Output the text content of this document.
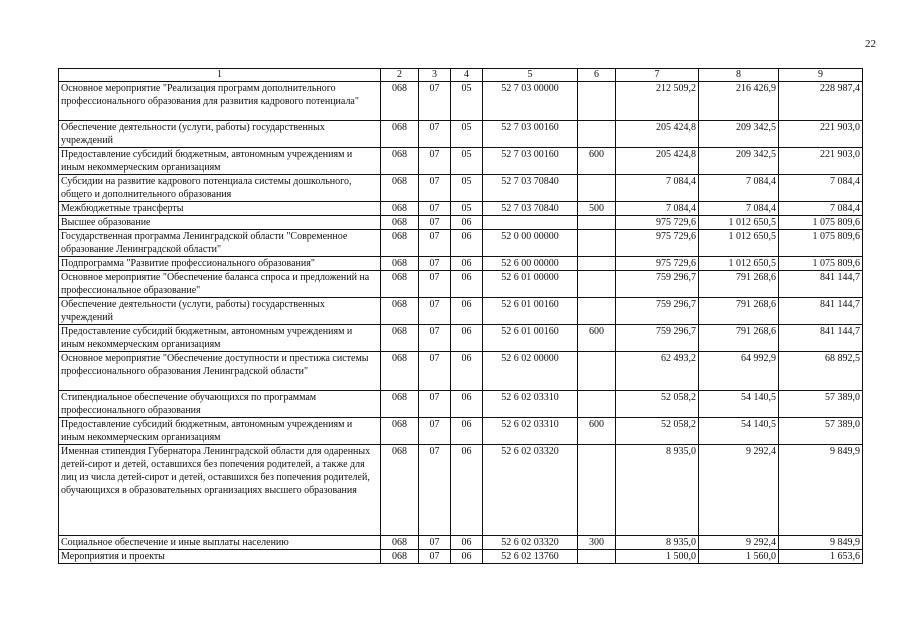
22
1	2	3	4	5	6	7	8	9
Основное мероприятие "Реализация программ дополнительного профессионального образования для развития кадрового потенциала"	068	07	05	52 7 03 00000		212 509,2	216 426,9	228 987,4
Обеспечение деятельности (услуги, работы) государственных учреждений	068	07	05	52 7 03 00160		205 424,8	209 342,5	221 903,0
Предоставление субсидий бюджетным, автономным учреждениям и иным некоммерческим организациям	068	07	05	52 7 03 00160	600	205 424,8	209 342,5	221 903,0
Субсидии на развитие кадрового потенциала системы дошкольного, общего и дополнительного образования	068	07	05	52 7 03 70840		7 084,4	7 084,4	7 084,4
Межбюджетные трансферты	068	07	05	52 7 03 70840	500	7 084,4	7 084,4	7 084,4
Высшее образование	068	07	06			975 729,6	1 012 650,5	1 075 809,6
Государственная программа Ленинградской области "Современное образование Ленинградской области"	068	07	06	52 0 00 00000		975 729,6	1 012 650,5	1 075 809,6
Подпрограмма "Развитие профессионального образования"	068	07	06	52 6 00 00000		975 729,6	1 012 650,5	1 075 809,6
Основное мероприятие "Обеспечение баланса спроса и предложений на профессиональное образование"	068	07	06	52 6 01 00000		759 296,7	791 268,6	841 144,7
Обеспечение деятельности (услуги, работы) государственных учреждений	068	07	06	52 6 01 00160		759 296,7	791 268,6	841 144,7
Предоставление субсидий бюджетным, автономным учреждениям и иным некоммерческим организациям	068	07	06	52 6 01 00160	600	759 296,7	791 268,6	841 144,7
Основное мероприятие "Обеспечение доступности и престижа системы профессионального образования Ленинградской области"	068	07	06	52 6 02 00000		62 493,2	64 992,9	68 892,5
Стипендиальное обеспечение обучающихся по программам профессионального образования	068	07	06	52 6 02 03310		52 058,2	54 140,5	57 389,0
Предоставление субсидий бюджетным, автономным учреждениям и иным некоммерческим организациям	068	07	06	52 6 02 03310	600	52 058,2	54 140,5	57 389,0
Именная стипендия Губернатора Ленинградской области для одаренных детей-сирот и детей, оставшихся без попечения родителей, а также для лиц из числа детей-сирот и детей, оставшихся без попечения родителей, обучающихся в образовательных организациях высшего образования	068	07	06	52 6 02 03320		8 935,0	9 292,4	9 849,9
Социальное обеспечение и иные выплаты населению	068	07	06	52 6 02 03320	300	8 935,0	9 292,4	9 849,9
Мероприятия и проекты	068	07	06	52 6 02 13760		1 500,0	1 560,0	1 653,6
